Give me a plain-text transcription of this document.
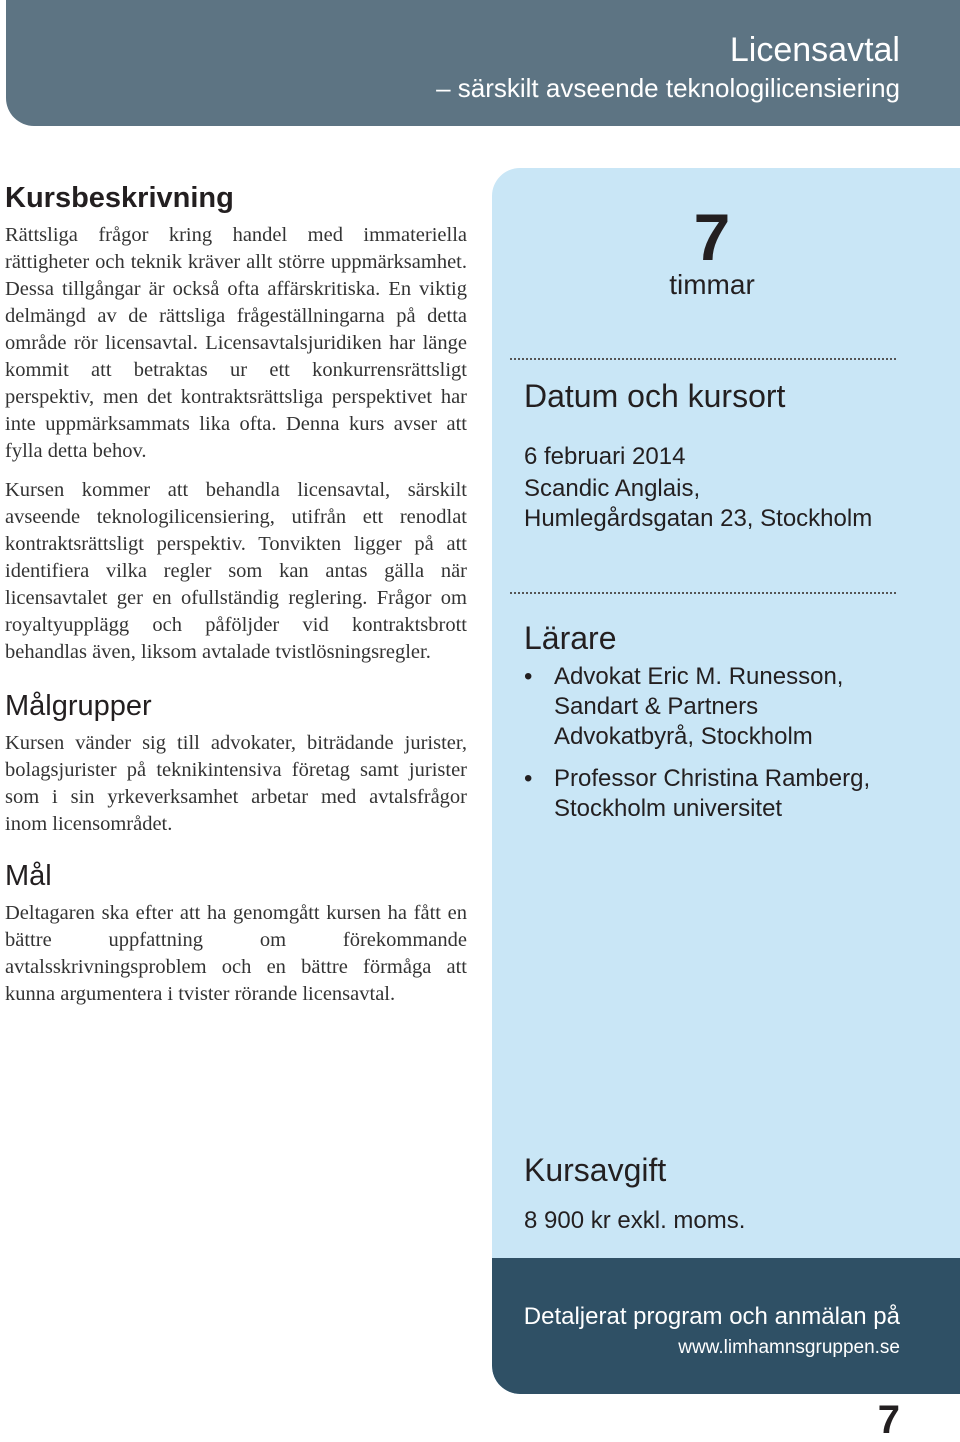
Licensavtal
– särskilt avseende teknologilicensiering
Kursbeskrivning

Rättsliga frågor kring handel med immateriella rättigheter och teknik kräver allt större uppmärksamhet. Dessa tillgångar är också ofta affärskritiska. En viktig delmängd av de rättsliga frågeställningarna på detta område rör licensavtal. Licensavtalsjuridiken har länge kommit att betraktas ur ett konkurrensrättsligt perspektiv, men det kontraktsrättsliga perspektivet har inte uppmärksammats lika ofta. Denna kurs avser att fylla detta behov.

Kursen kommer att behandla licensavtal, särskilt avseende teknologilicensiering, utifrån ett renodlat kontraktsrättsligt perspektiv. Tonvikten ligger på att identifiera vilka regler som kan antas gälla när licensavtalet ger en ofullständig reglering. Frågor om royaltyupplägg och påföljder vid kontraktsbrott behandlas även, liksom avtalade tvistlösningsregler.

Målgrupper

Kursen vänder sig till advokater, biträdande jurister, bolagsjurister på teknikintensiva företag samt jurister som i sin yrkeverksamhet arbetar med avtalsfrågor inom licensområdet.

Mål

Deltagaren ska efter att ha genomgått kursen ha fått en bättre uppfattning om förekommande avtalsskrivningsproblem och en bättre förmåga att kunna argumentera i tvister rörande licensavtal.

7
timmar
Datum och kursort
6 februari 2014
Scandic Anglais,
Humlegårdsgatan 23, Stockholm
Lärare
• Advokat Eric M. Runesson,
Sandart & Partners
Advokatbyrå, Stockholm
• Professor Christina Ramberg,
Stockholm universitet
Kursavgift
8 900 kr exkl. moms.
Detaljerat program och anmälan på
www.limhamnsgruppen.se
7
